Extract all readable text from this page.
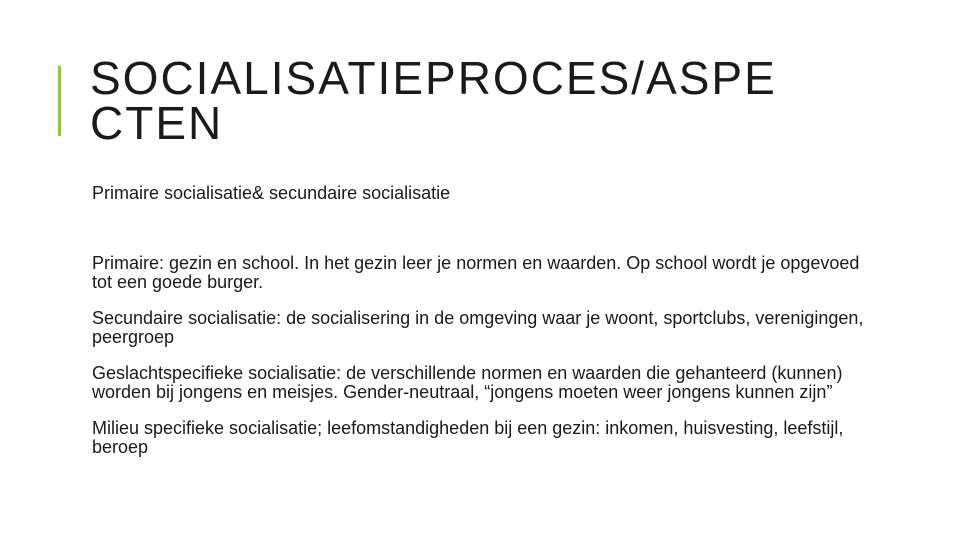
SOCIALISATIEPROCES/ASPE
CTEN

Primaire socialisatie& secundaire socialisatie

Primaire: gezin en school. In het gezin leer je normen en waarden. Op school wordt je opgevoed tot een goede burger.
Secundaire socialisatie: de socialisering in de omgeving waar je woont, sportclubs, verenigingen, peergroep
Geslachtspecifieke socialisatie: de verschillende normen en waarden die gehanteerd (kunnen) worden bij jongens en meisjes. Gender-neutraal, “jongens moeten weer jongens kunnen zijn”
Milieu specifieke socialisatie; leefomstandigheden bij een gezin: inkomen, huisvesting, leefstijl, beroep
